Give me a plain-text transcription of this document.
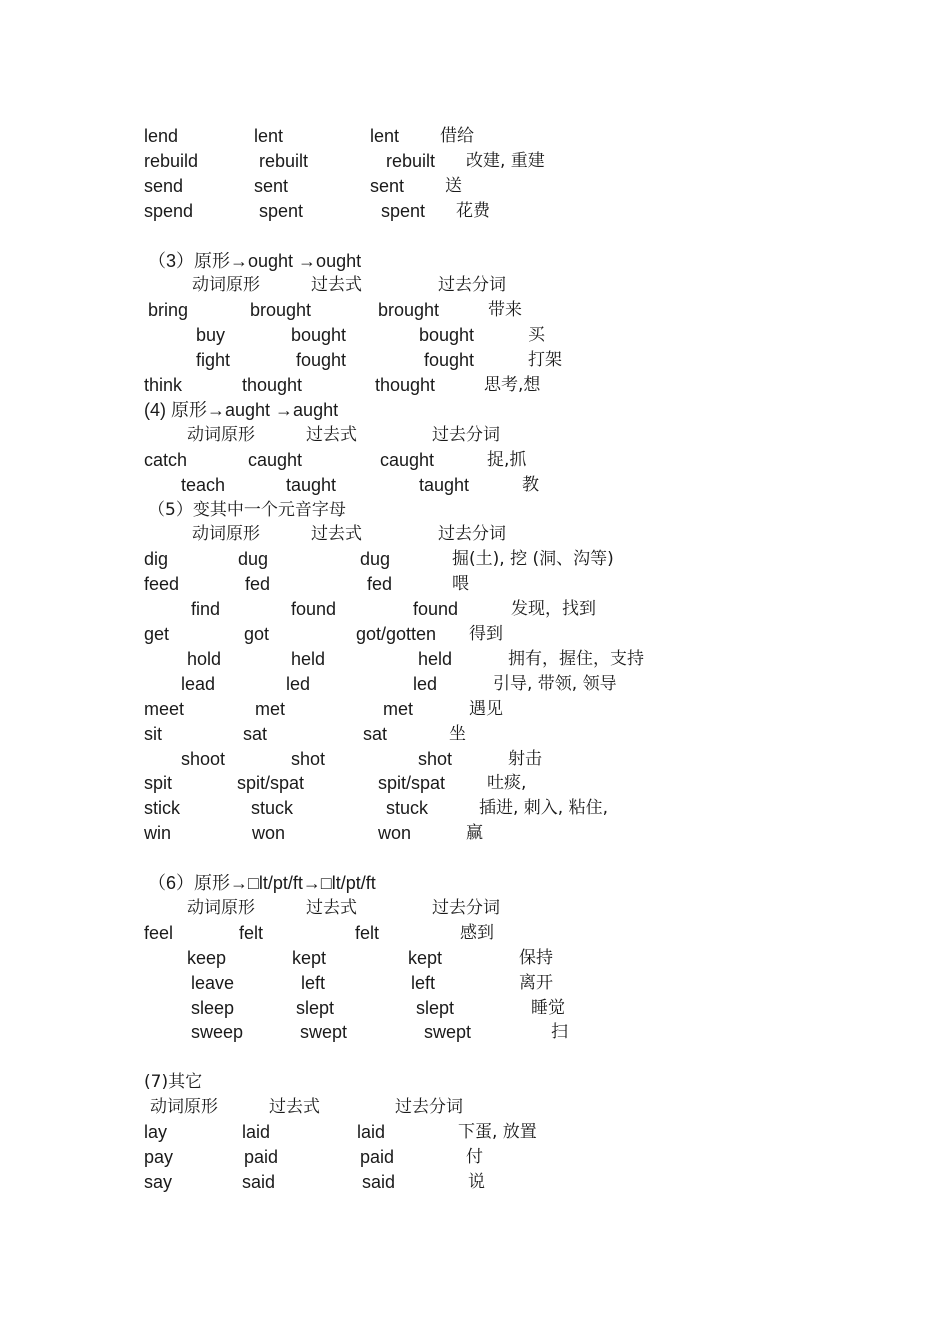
lend	lent	lent 借给
rebuild	rebuilt	rebuilt 改建, 重建
send	sent	sent 送
spend	spent	spent 花费
（3）原形→ought →ought
动词原形	过去式	过去分词
bring	brought	brought	带来
buy	bought	bought	买
fight	fought	fought	打架
think	thought	thought	思考,想
(4) 原形→aught →aught
动词原形	过去式	过去分词
catch	caught	caught	捉,抓
teach	taught	taught	教
（5）变其中一个元音字母
动词原形	过去式	过去分词
dig	dug	dug	掘(土), 挖 (洞、沟等)
feed	fed	fed	喂
find	found	found	发现，找到
get	got	got/gotten 得到
hold	held	held	拥有，握住，支持
lead	led	led	引导, 带领, 领导
meet	met	met	遇见
sit	sat	sat	坐
shoot	shot	shot	射击
spit	spit/spat	spit/spat 吐痰,
stick	stuck	stuck	插进, 刺入, 粘住,
win	won	won	赢
（6）原形→□lt/pt/ft→□lt/pt/ft
动词原形	过去式	过去分词
feel	felt	felt	感到
keep	kept	kept	保持
leave	left	left	离开
sleep	slept	slept	睡觉
sweep	swept	swept	扫
(7)其它
动词原形	过去式	过去分词
lay	laid	laid	下蛋, 放置
pay	paid	paid	付
say	said	said	说
